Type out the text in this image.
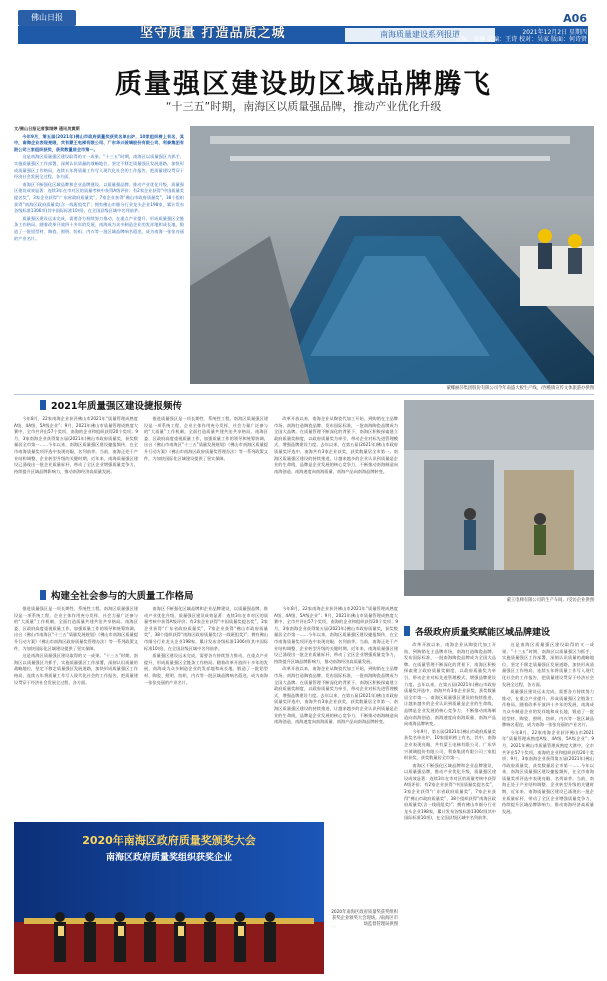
佛山日报	A06
坚守质量 打造品质之城	南海质量建设系列报道	2021年12月2日 星期四
责编：谢琳 美编：王诗 校对：吴家 版面：何诗贤
质量强区建设助区域品牌腾飞
“十三五”时期，南海区以质量强品牌，推动产业优化升级

文/佛山日报记者黎翊婷 通讯员黄斯

今年9月，第五届(2021年)佛山市政府质量奖获奖名单出炉，10家组织榜上有名，其中，南海企业表现亮眼，共有蒙王电梯有限公司、广东华兴玻璃股份有限公司、利泰集团有限公司三家组织获奖，获奖数量居全市第一。

这是南海区质量强区建设取得的又一成果。“十三五”时期，南海区以质量强区为抓手，实施质量强区工作部署，深刻认识质量的战略地位，坚定不移走质量强区发展道路，加快形成质量强区工作格局，连续五年将质量工作写入现代化社会的工作报告，把质量建设贯穿于经济社会发展全过程，各方面。

南海区不断强化区域品牌和企业品牌建设，以质量强品牌，推动产业优化升级，质量强区建设成效显著：连续3年在市对区的质量考核中获得A级评价；有2家企业获得“中国质量奖提名奖”，3家企业获得“广东省政府质量奖”，7家企业获得“佛山市政府质量奖”，38个组织获得“南海区政府质量奖(含一线班组奖)”；拥有佛山市细分行业龙头企业198家，累计发布各级标准1306项(其中国际标准10项)，在全国县级区域中名列前茅。

质量强区建设远未完成，需要各方持续努力推动，在重点产业提升、形成质量强区全链条工作格局。随着改革开放四十多年的发展，南海成为众多制造企业的发祥地和成长地，锻造了一批铝型材、陶瓷、照明、纺织、内衣等一批区域品牌响名遐迩，成为南海一张张亮丽的产业名片。

蒙娜丽莎集团股份有限公司今年南盛大板生产线。/西樵镇宣传文体旅游办供图
2021年质量强区建设捷报频传

今年8月，22家南海企业获评佛山市2021年“质量管理成熟度A级、4A级、5A级企业”；9月，2021年佛山市质量管理成熟度大赛中，全市共评出57个奖项，南海的企业和组织获得20个奖项；9月，3家南海企业获得第五届(2021年)佛山市政府质量奖，获奖数量居全市第一……今年以来，南海区质量强区建设捷报频传，在全市南海质量奖项评选中表现亮眼、名列前茅。当前，南海正处于产业结构调整、企业转型升级的关键时期，近年来，南海质量强区建设已涌现出一批企业质量标杆，带动了全区企业增强质量竞争力，持续提升区域品牌影响力，推动南海经济高质量发展。

推进质量强区是一项长期性、系统性工程。南海区质量强区建设是一项系统工程，企业主体作用充分发挥，社会力量广泛参与的“大质量”工作机制，全面打造质量共建共治共享格局。南海区委、区政府高度重视质量工作，加强质量工作的领导和统筹协调，出台《佛山市南海区“十三五”质量发展规划》《佛山市南海区质量提升行动方案》《佛山市南海区政府质量奖管理办法》等一系列政策文件，为加快国际化区域建设提供了坚实保障。

改革开放以来，南海企业从陶瓷代加工开始，到购销在主品牌市场，南海打造陶瓷品牌、发布国际标准，一批南海陶瓷品牌成为全国大品牌。在质量管理不断深化的背景下，南海区积极探索建立政府质量奖制度，以政府质量奖为牵引，带动企业对标先进管理模式，增强品牌建设力度。去年以来，在第五届(2021年)佛山市政府质量奖评选中，南海共有3家企业获奖，获奖数量居全市第一。南海区质量强区建设的持续推进，让越来越多的企业认识到质量是企业的生命线，品牌是企业发展的核心竞争力，不断推动南海制造向南海创造、南海速度向南海质量、南海产品向南海品牌转变。

蒙王电梯有限公司的生产车间。/受访企业供图
构建全社会参与的大质量工作格局

推进质量强区是一项长期性、系统性工程。南海区质量强区建设是一项系统工程，企业主体作用充分发挥，社会力量广泛参与的“大质量”工作机制，全面打造质量共建共治共享格局。南海区委、区政府高度重视质量工作，加强质量工作的领导和统筹协调，出台《佛山市南海区“十三五”质量发展规划》《佛山市南海区质量提升行动方案》《佛山市南海区政府质量奖管理办法》等一系列政策文件，为加快国际化区域建设提供了坚实保障。

这是南海区质量强区建设取得的又一成果。“十三五”时期，南海区以质量强区为抓手，实施质量强区工作部署，深刻认识质量的战略地位，坚定不移走质量强区发展道路，加快形成质量强区工作格局，连续五年将质量工作写入现代化社会的工作报告，把质量建设贯穿于经济社会发展全过程，各方面。

南海区不断强化区域品牌和企业品牌建设，以质量强品牌，推动产业优化升级，质量强区建设成效显著：连续3年在市对区的质量考核中获得A级评价；有2家企业获得“中国质量奖提名奖”，3家企业获得“广东省政府质量奖”，7家企业获得“佛山市政府质量奖”，38个组织获得“南海区政府质量奖(含一线班组奖)”；拥有佛山市细分行业龙头企业198家，累计发布各级标准1306项(其中国际标准10项)，在全国县级区域中名列前茅。

质量强区建设远未完成，需要各方持续努力推动，在重点产业提升、形成质量强区全链条工作格局。随着改革开放四十多年的发展，南海成为众多制造企业的发祥地和成长地，锻造了一批铝型材、陶瓷、照明、纺织、内衣等一批区域品牌响名遐迩，成为南海一张张亮丽的产业名片。

今年8月，22家南海企业获评佛山市2021年“质量管理成熟度A级、4A级、5A级企业”；9月，2021年佛山市质量管理成熟度大赛中，全市共评出57个奖项，南海的企业和组织获得20个奖项；9月，3家南海企业获得第五届(2021年)佛山市政府质量奖，获奖数量居全市第一……今年以来，南海区质量强区建设捷报频传，在全市南海质量奖项评选中表现亮眼、名列前茅。当前，南海正处于产业结构调整、企业转型升级的关键时期，近年来，南海质量强区建设已涌现出一批企业质量标杆，带动了全区企业增强质量竞争力，持续提升区域品牌影响力，推动南海经济高质量发展。

改革开放以来，南海企业从陶瓷代加工开始，到购销在主品牌市场，南海打造陶瓷品牌、发布国际标准，一批南海陶瓷品牌成为全国大品牌。在质量管理不断深化的背景下，南海区积极探索建立政府质量奖制度，以政府质量奖为牵引，带动企业对标先进管理模式，增强品牌建设力度。去年以来，在第五届(2021年)佛山市政府质量奖评选中，南海共有3家企业获奖，获奖数量居全市第一。南海区质量强区建设的持续推进，让越来越多的企业认识到质量是企业的生命线，品牌是企业发展的核心竞争力，不断推动南海制造向南海创造、南海速度向南海质量、南海产品向南海品牌转变。

各级政府质量奖赋能区域品牌建设

改革开放以来，南海企业从陶瓷代加工开始，到购销在主品牌市场，南海打造陶瓷品牌、发布国际标准，一批南海陶瓷品牌成为全国大品牌。在质量管理不断深化的背景下，南海区积极探索建立政府质量奖制度，以政府质量奖为牵引，带动企业对标先进管理模式，增强品牌建设力度。去年以来，在第五届(2021年)佛山市政府质量奖评选中，南海共有3家企业获奖，获奖数量居全市第一。南海区质量强区建设的持续推进，让越来越多的企业认识到质量是企业的生命线，品牌是企业发展的核心竞争力，不断推动南海制造向南海创造、南海速度向南海质量、南海产品向南海品牌转变。

今年9月，第五届(2021年)佛山市政府质量奖获奖名单出炉，10家组织榜上有名，其中，南海企业表现亮眼，共有蒙王电梯有限公司、广东华兴玻璃股份有限公司、利泰集团有限公司三家组织获奖，获奖数量居全市第一。

南海区不断强化区域品牌和企业品牌建设，以质量强品牌，推动产业优化升级，质量强区建设成效显著：连续3年在市对区的质量考核中获得A级评价；有2家企业获得“中国质量奖提名奖”，3家企业获得“广东省政府质量奖”，7家企业获得“佛山市政府质量奖”，38个组织获得“南海区政府质量奖(含一线班组奖)”；拥有佛山市细分行业龙头企业198家，累计发布各级标准1306项(其中国际标准10项)，在全国县级区域中名列前茅。

这是南海区质量强区建设取得的又一成果。“十三五”时期，南海区以质量强区为抓手，实施质量强区工作部署，深刻认识质量的战略地位，坚定不移走质量强区发展道路，加快形成质量强区工作格局，连续五年将质量工作写入现代化社会的工作报告，把质量建设贯穿于经济社会发展全过程，各方面。

质量强区建设远未完成，需要各方持续努力推动，在重点产业提升、形成质量强区全链条工作格局。随着改革开放四十多年的发展，南海成为众多制造企业的发祥地和成长地，锻造了一批铝型材、陶瓷、照明、纺织、内衣等一批区域品牌响名遐迩，成为南海一张张亮丽的产业名片。

今年8月，22家南海企业获评佛山市2021年“质量管理成熟度A级、4A级、5A级企业”；9月，2021年佛山市质量管理成熟度大赛中，全市共评出57个奖项，南海的企业和组织获得20个奖项；9月，3家南海企业获得第五届(2021年)佛山市政府质量奖，获奖数量居全市第一……今年以来，南海区质量强区建设捷报频传，在全市南海质量奖项评选中表现亮眼、名列前茅。当前，南海正处于产业结构调整、企业转型升级的关键时期，近年来，南海质量强区建设已涌现出一批企业质量标杆，带动了全区企业增强质量竞争力，持续提升区域品牌影响力，推动南海经济高质量发展。

2020年南海区政府质量奖颁奖大会
南海区政府质量奖组织获奖企业
2020年南海区政府质量奖获奖组织获奖企业颁奖大会现场。/南海区市场监督管理局供图
